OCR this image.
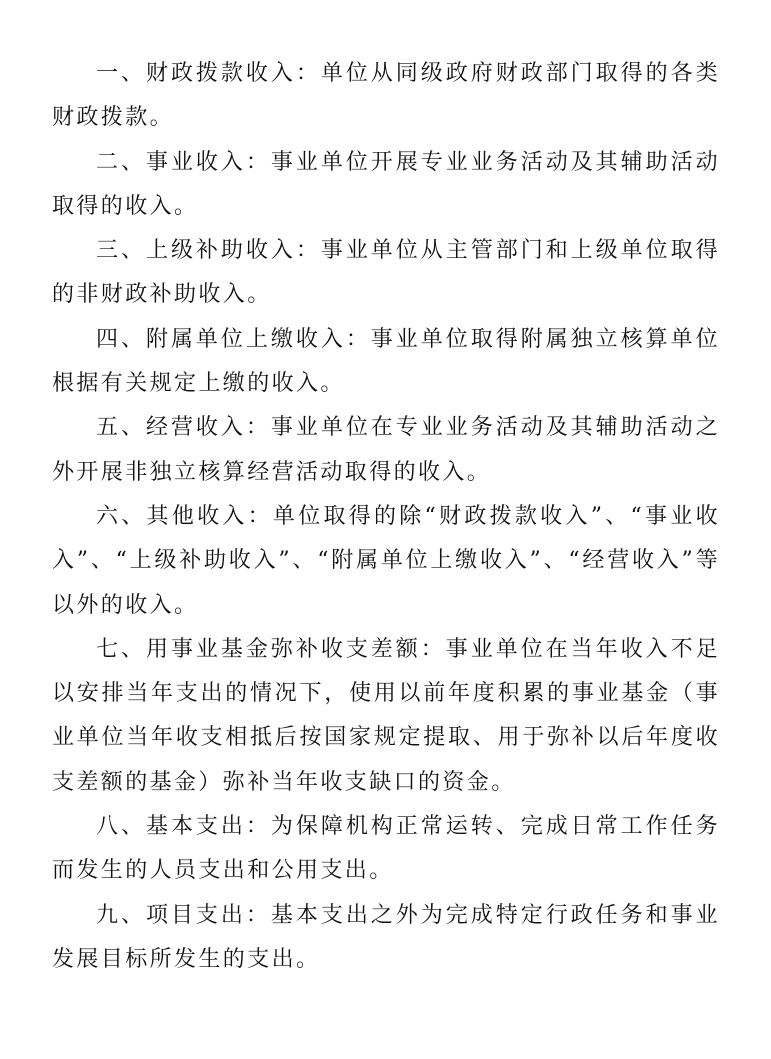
一、财政拨款收入：单位从同级政府财政部门取得的各类财政拨款。

二、事业收入：事业单位开展专业业务活动及其辅助活动取得的收入。

三、上级补助收入：事业单位从主管部门和上级单位取得的非财政补助收入。

四、附属单位上缴收入：事业单位取得附属独立核算单位根据有关规定上缴的收入。

五、经营收入：事业单位在专业业务活动及其辅助活动之外开展非独立核算经营活动取得的收入。

六、其他收入：单位取得的除“财政拨款收入”、“事业收入”、“上级补助收入”、“附属单位上缴收入”、“经营收入”等以外的收入。

七、用事业基金弥补收支差额：事业单位在当年收入不足以安排当年支出的情况下，使用以前年度积累的事业基金（事业单位当年收支相抵后按国家规定提取、用于弥补以后年度收支差额的基金）弥补当年收支缺口的资金。

八、基本支出：为保障机构正常运转、完成日常工作任务而发生的人员支出和公用支出。

九、项目支出：基本支出之外为完成特定行政任务和事业发展目标所发生的支出。
